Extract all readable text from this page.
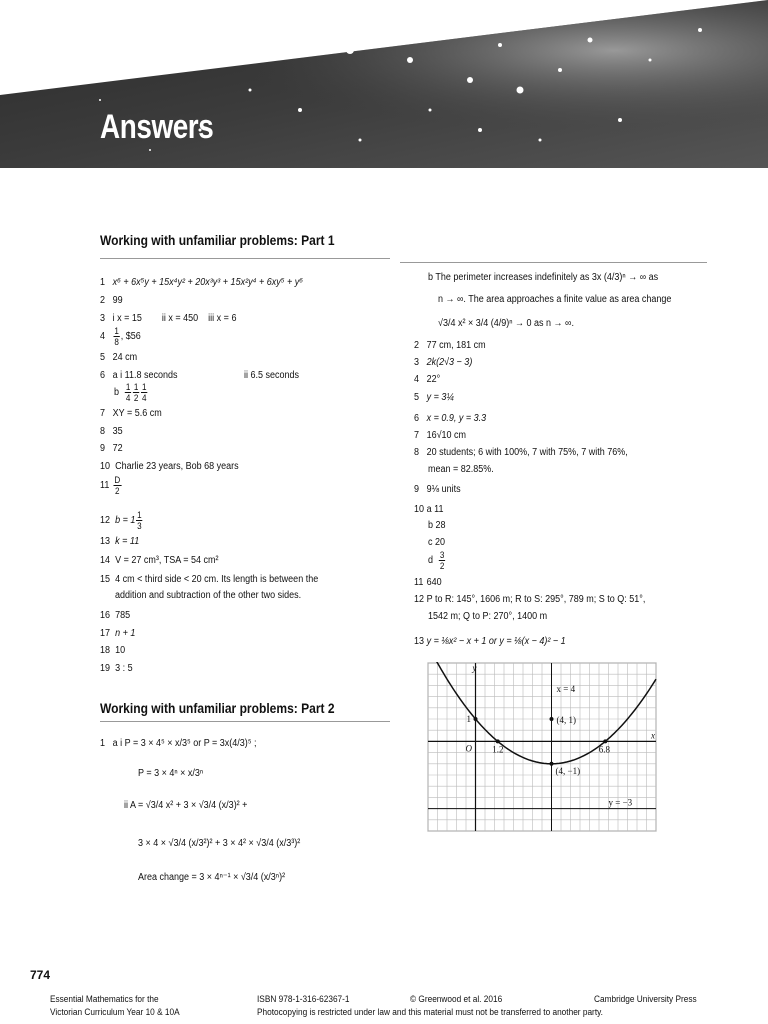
Answers
Working with unfamiliar problems: Part 1
1 x⁶ + 6x⁵y + 15x⁴y² + 20x³y³ + 15x²y⁴ + 6xy⁵ + y⁶
2 99
3 i x = 15 ii x = 450 iii x = 6
$4 \frac{1}{8}$ , $56
5 24 cm
6 a i 11.8 seconds	ii 6.5 seconds
b $\frac{1}{4} \frac{1}{2} \frac{1}{4}$
7 XY = 5.6 cm
8 35
9 72
10 Charlie 23 years, Bob 68 years
$11 \frac{D}{2}$
12 $b = 1 \frac{1}{3}$
13 k = 11
14 V = 27 cm³, TSA = 54 cm²
15 4 cm < third side < 20 cm. Its length is between the
addition and subtraction of the other two sides.
16 785
17 n + 1
18 10
19 3 : 5
Working with unfamiliar problems: Part 2
1 a i P = 3 × 4⁵ × x/3⁵ or P = 3x(4/3)⁵ ;
P = 3 × 4ⁿ × x/3ⁿ
ii A = √3/4 x² + 3 × √3/4 (x/3)² +
3 × 4 × √3/4 (x/3²)² + 3 × 4² × √3/4 (x/3³)²
Area change = 3 × 4ⁿ⁻¹ × √3/4 (x/3ⁿ)²
b The perimeter increases indefinitely as 3x (4/3)ⁿ → ∞ as
n → ∞. The area approaches a finite value as area change
√3/4 x² × 3/4 (4/9)ⁿ → 0 as n → ∞.
2 77 cm, 181 cm
3 2k(2√3 − 3)
4 22°
5 y = 3¼
6 x = 0.9, y = 3.3
7 16√10 cm
8 20 students; 6 with 100%, 7 with 75%, 7 with 76%,
mean = 82.85%.
9 9⅛ units
10 a 11
b 28
c 20
d $\frac{3}{2}$
11 640
12 P to R: 145°, 1606 m; R to S: 295°, 789 m; S to Q: 51°,
1542 m; Q to P: 270°, 1400 m
13 y = ⅛x² − x + 1 or y = ⅛(x − 4)² − 1
x
y
O
x = 4
(4, −1)
(4, 1)
1.2	6.8
1
y = −3
774
Essential Mathematics for the
Victorian Curriculum Year 10 & 10A
ISBN 978-1-316-62367-1	© Greenwood et al. 2016	Cambridge University Press
Photocopying is restricted under law and this material must not be transferred to another party.
